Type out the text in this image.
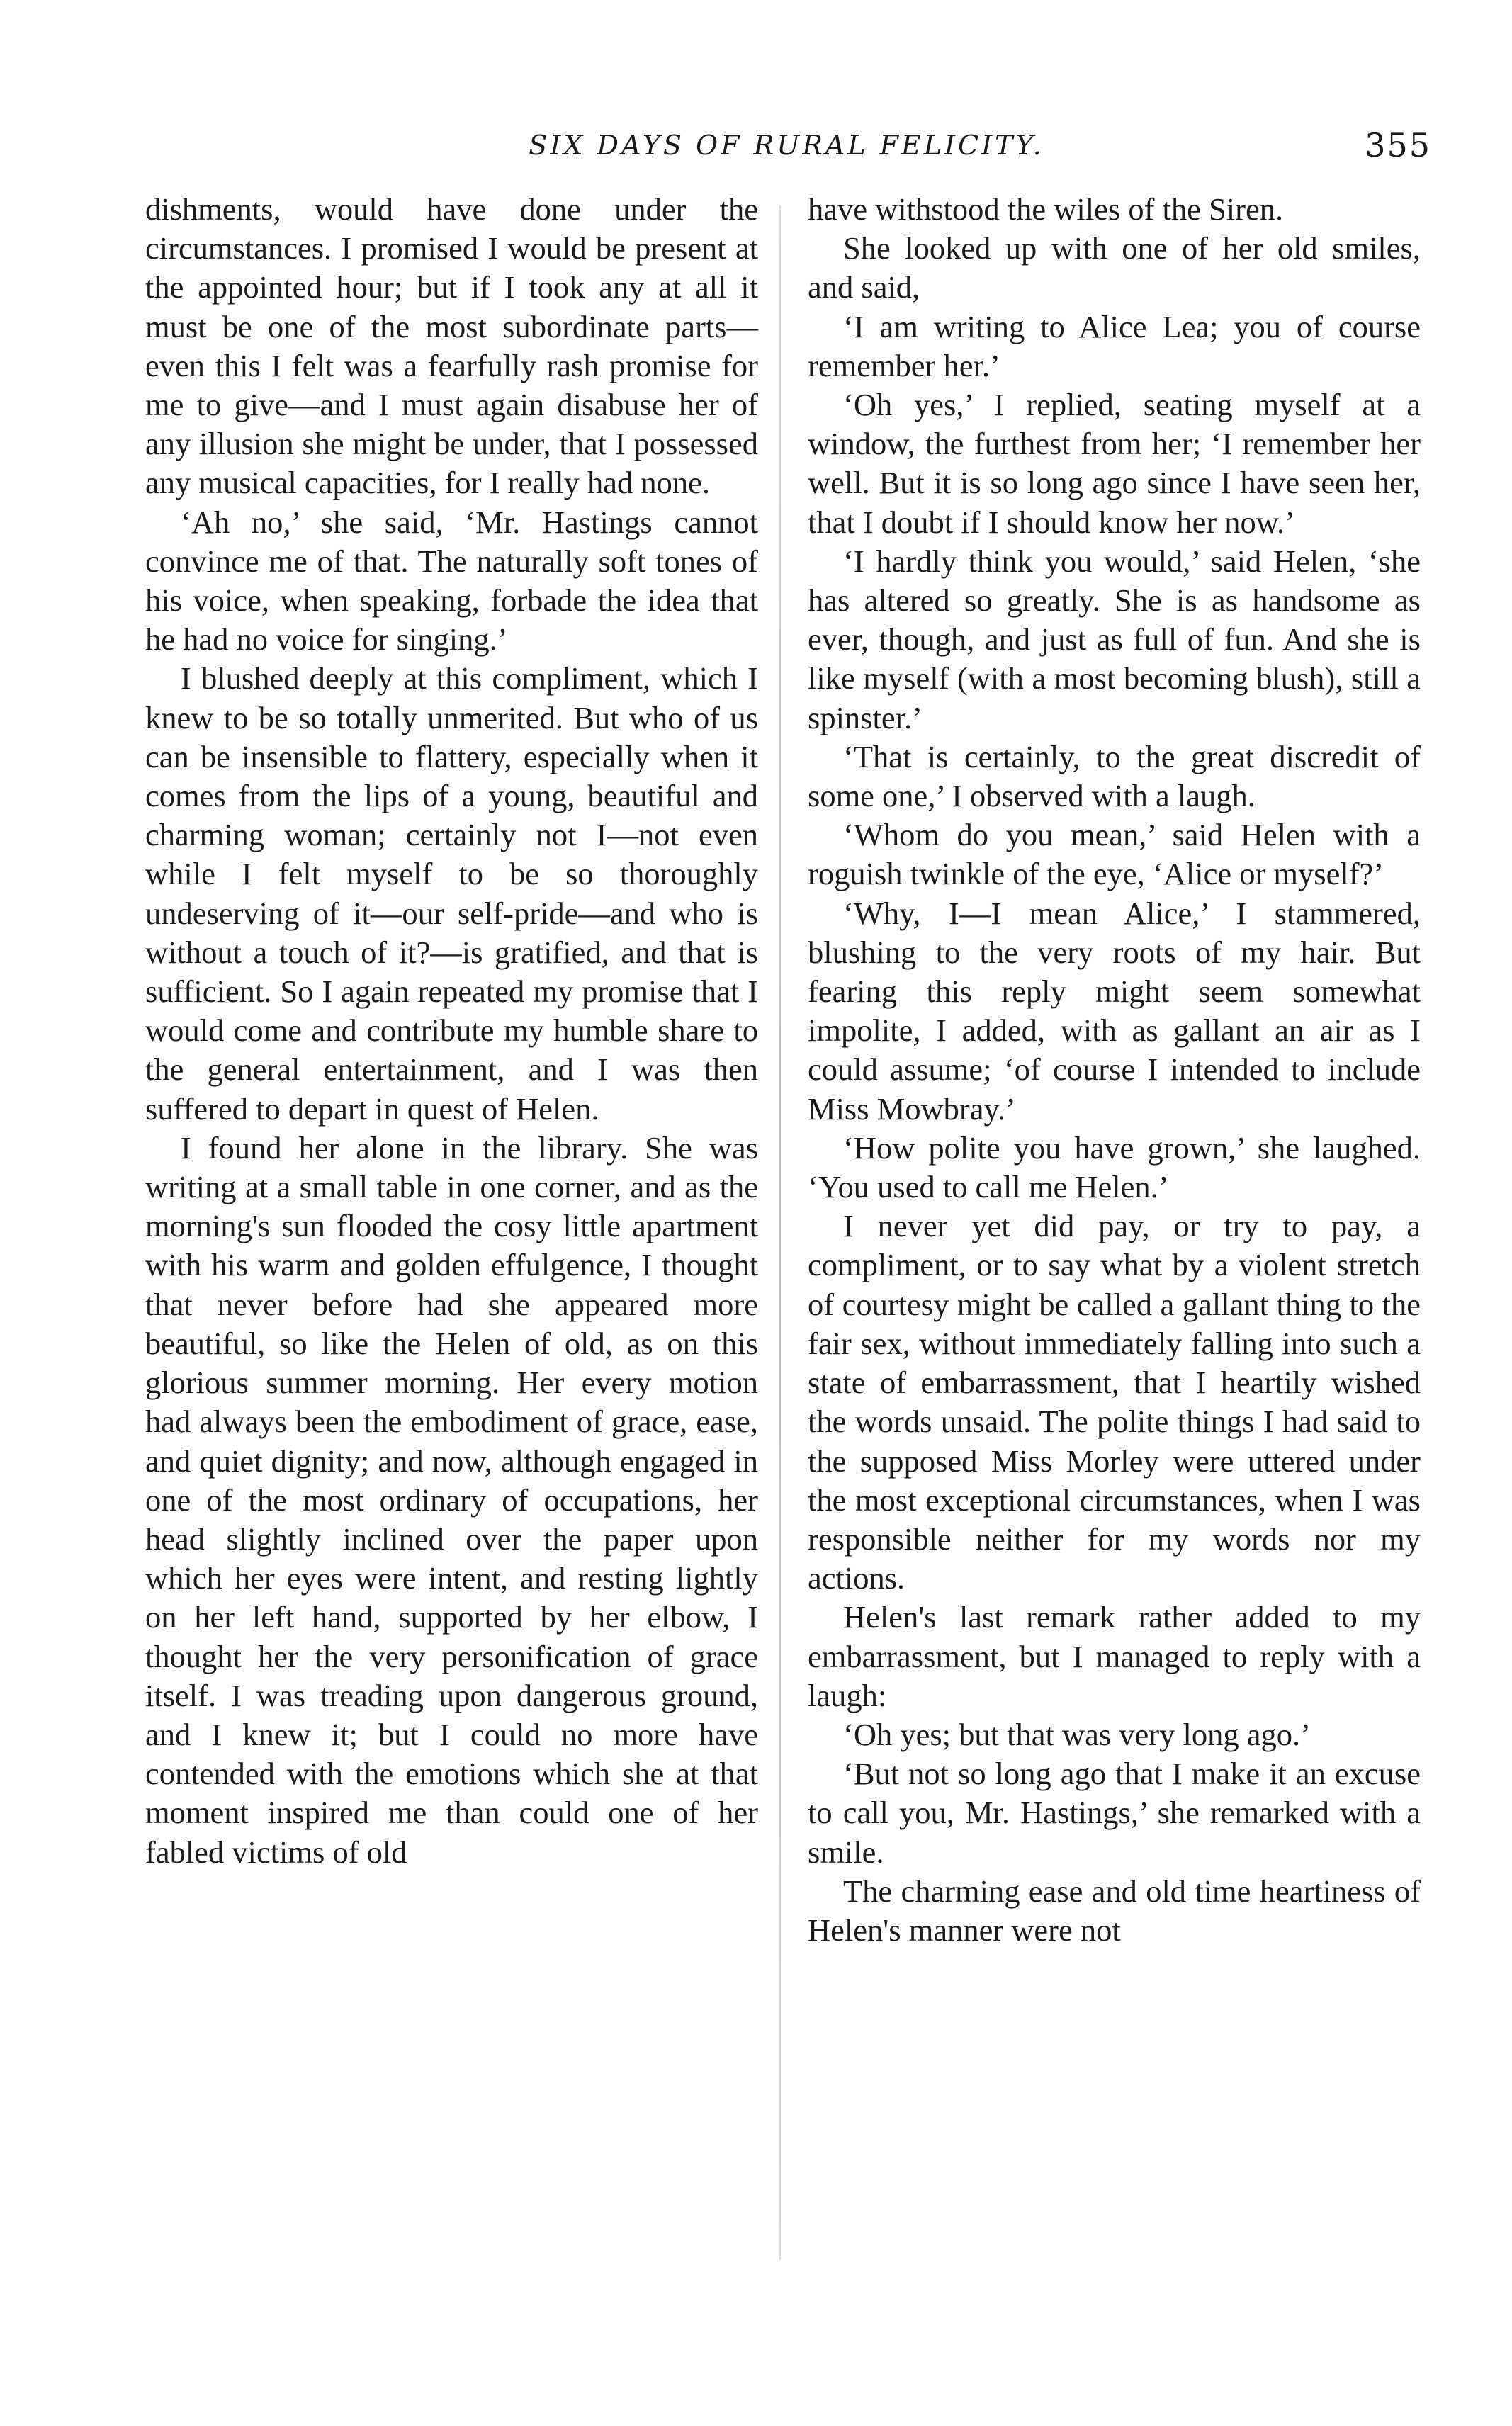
SIX DAYS OF RURAL FELICITY.	355

dishments, would have done under the circumstances. I promised I would be present at the appointed hour; but if I took any at all it must be one of the most subordinate parts—even this I felt was a fearfully rash promise for me to give—and I must again disabuse her of any illusion she might be under, that I possessed any musical capacities, for I really had none.

‘Ah no,’ she said, ‘Mr. Hastings cannot convince me of that. The naturally soft tones of his voice, when speaking, forbade the idea that he had no voice for singing.’

I blushed deeply at this compliment, which I knew to be so totally unmerited. But who of us can be insensible to flattery, especially when it comes from the lips of a young, beautiful and charming woman; certainly not I—not even while I felt myself to be so thoroughly undeserving of it—our self-pride—and who is without a touch of it?—is gratified, and that is sufficient. So I again repeated my promise that I would come and contribute my humble share to the general entertainment, and I was then suffered to depart in quest of Helen.

I found her alone in the library. She was writing at a small table in one corner, and as the morning's sun flooded the cosy little apartment with his warm and golden effulgence, I thought that never before had she appeared more beautiful, so like the Helen of old, as on this glorious summer morning. Her every motion had always been the embodiment of grace, ease, and quiet dignity; and now, although engaged in one of the most ordinary of occupations, her head slightly inclined over the paper upon which her eyes were intent, and resting lightly on her left hand, supported by her elbow, I thought her the very personification of grace itself. I was treading upon dangerous ground, and I knew it; but I could no more have contended with the emotions which she at that moment inspired me than could one of her fabled victims of old

have withstood the wiles of the Siren.

She looked up with one of her old smiles, and said,

‘I am writing to Alice Lea; you of course remember her.’

‘Oh yes,’ I replied, seating myself at a window, the furthest from her; ‘I remember her well. But it is so long ago since I have seen her, that I doubt if I should know her now.’

‘I hardly think you would,’ said Helen, ‘she has altered so greatly. She is as handsome as ever, though, and just as full of fun. And she is like myself (with a most becoming blush), still a spinster.’

‘That is certainly, to the great discredit of some one,’ I observed with a laugh.

‘Whom do you mean,’ said Helen with a roguish twinkle of the eye, ‘Alice or myself?’

‘Why, I—I mean Alice,’ I stammered, blushing to the very roots of my hair. But fearing this reply might seem somewhat impolite, I added, with as gallant an air as I could assume; ‘of course I intended to include Miss Mowbray.’

‘How polite you have grown,’ she laughed. ‘You used to call me Helen.’

I never yet did pay, or try to pay, a compliment, or to say what by a violent stretch of courtesy might be called a gallant thing to the fair sex, without immediately falling into such a state of embarrassment, that I heartily wished the words unsaid. The polite things I had said to the supposed Miss Morley were uttered under the most exceptional circumstances, when I was responsible neither for my words nor my actions.

Helen's last remark rather added to my embarrassment, but I managed to reply with a laugh:

‘Oh yes; but that was very long ago.’

‘But not so long ago that I make it an excuse to call you, Mr. Hastings,’ she remarked with a smile.

The charming ease and old time heartiness of Helen's manner were not
